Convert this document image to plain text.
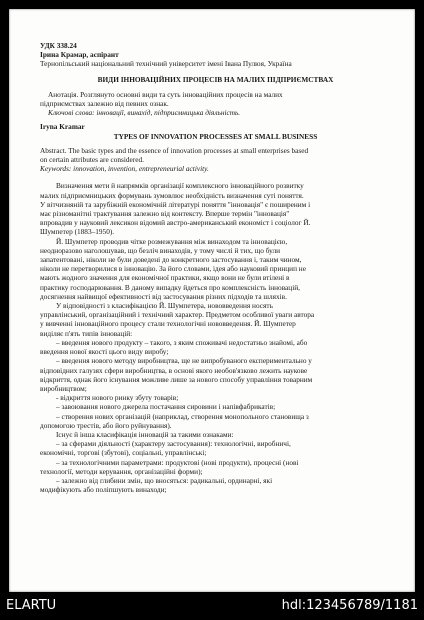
УДК 338.24
Ірина Крамар, аспірант
Тернопільський національний технічний університет імені Івана Пулюя, Україна
ВИДИ ІННОВАЦІЙНИХ ПРОЦЕСІВ НА МАЛИХ ПІДПРИЄМСТВАХ
Анотація. Розглянуто основні види та суть інноваційних процесів на малих
підприємствах залежно від певних ознак.
Ключові слова: інновації, винахід, підприємницька діяльність.
Iryna Kramar
TYPES OF INNOVATION PROCESSES AT SMALL BUSINESS
Abstract. The basic types and the essence of innovation processes at small enterprises based
on certain attributes are considered.
Keywords: innovation, invention, entrepreneurial activity.
Визначення мети й напрямків організації комплексного інноваційного розвитку
малих підприємницьких формувань зумовлює необхідність визначення суті поняття.
У вітчизняній та зарубіжній економічній літературі поняття "інновація" є поширеним і
має різноманітні трактування залежно від контексту. Вперше термін "інновація"
впровадив у науковий лексикон відомий австро-американський економіст і соціолог Й.
Шумпетер (1883–1950).
Й. Шумпетер проводив чітке розмежування між винаходом та інновацією,
неодноразово наголошував, що безліч винаходів, у тому числі й тих, що були
запатентовані, ніколи не були доведені до конкретного застосування і, таким чином,
ніколи не перетворилися в інновацію. За його словами, ідея або науковий принцип не
мають жодного значення для економічної практики, якщо вони не були втілені в
практику господарювання. В даному випадку йдеться про комплексність інновацій,
досягнення найвищої ефективності від застосування різних підходів та шляхів.
У відповідності з класифікацією Й. Шумпетера, нововведення носять
управлінський, організаційний і технічний характер. Предметом особливої уваги автора
у вивченні інноваційного процесу стали технологічні нововведення. Й. Шумпетер
виділяє п'ять типів інновацій:
– введення нового продукту – такого, з яким споживачі недостатньо знайомі, або
введення нової якості цього виду виробу;
– введення нового методу виробництва, ще не випробуваного експериментально у
відповідних галузях сфери виробництва, в основі якого необов'язково лежить наукове
відкриття, однак його існування можливе лише за нового способу управління товарним
виробництвом;
- відкриття нового ринку збуту товарів;
– завоювання нового джерела постачання сировини і напівфабрикатів;
– створення нових організацій (наприклад, створення монопольного становища з
допомогою трестів, або його руйнування).
Існує й інша класифікація інновацій за такими ознаками:
– за сферами діяльності (характеру застосування): технологічні, виробничі,
економічні, торгові (збутові), соціальні, управлінські;
– за технологічними параметрами: продуктові (нові продукти), процесні (нові
технології, методи керування, організаційні форми);
– залежно від глибини змін, що вносяться: радикальні, ординарні, які
модифікують або поліпшують винаходи;
ELARTU	hdl:123456789/1181
